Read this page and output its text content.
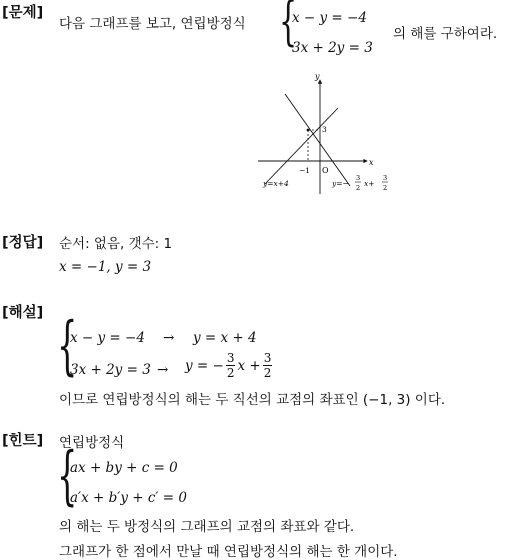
[문제]
다음 그래프를 보고, 연립방정식 {
x − y = −4
3x + 2y = 3
의 해를 구하여라.
x
y
O
−1
3
y=x+4	y=−
3
2 x+
3
2
[정답] 순서: 없음, 갯수: 1
x = −1, y = 3
[해설] {
x − y = −4 → y = x + 4
3x + 2y = 3 → y = − $\frac{3}{2}$ $x + \frac{3}{2}$
이므로 연립방정식의 해는 두 직선의 교점의 좌표인 (−1, 3) 이다.
[힌트] 연립방정식
{
ax + by + c = 0
a′x + b′y + c′ = 0
의 해는 두 방정식의 그래프의 교점의 좌표와 같다.
그래프가 한 점에서 만날 때 연립방정식의 해는 한 개이다.
